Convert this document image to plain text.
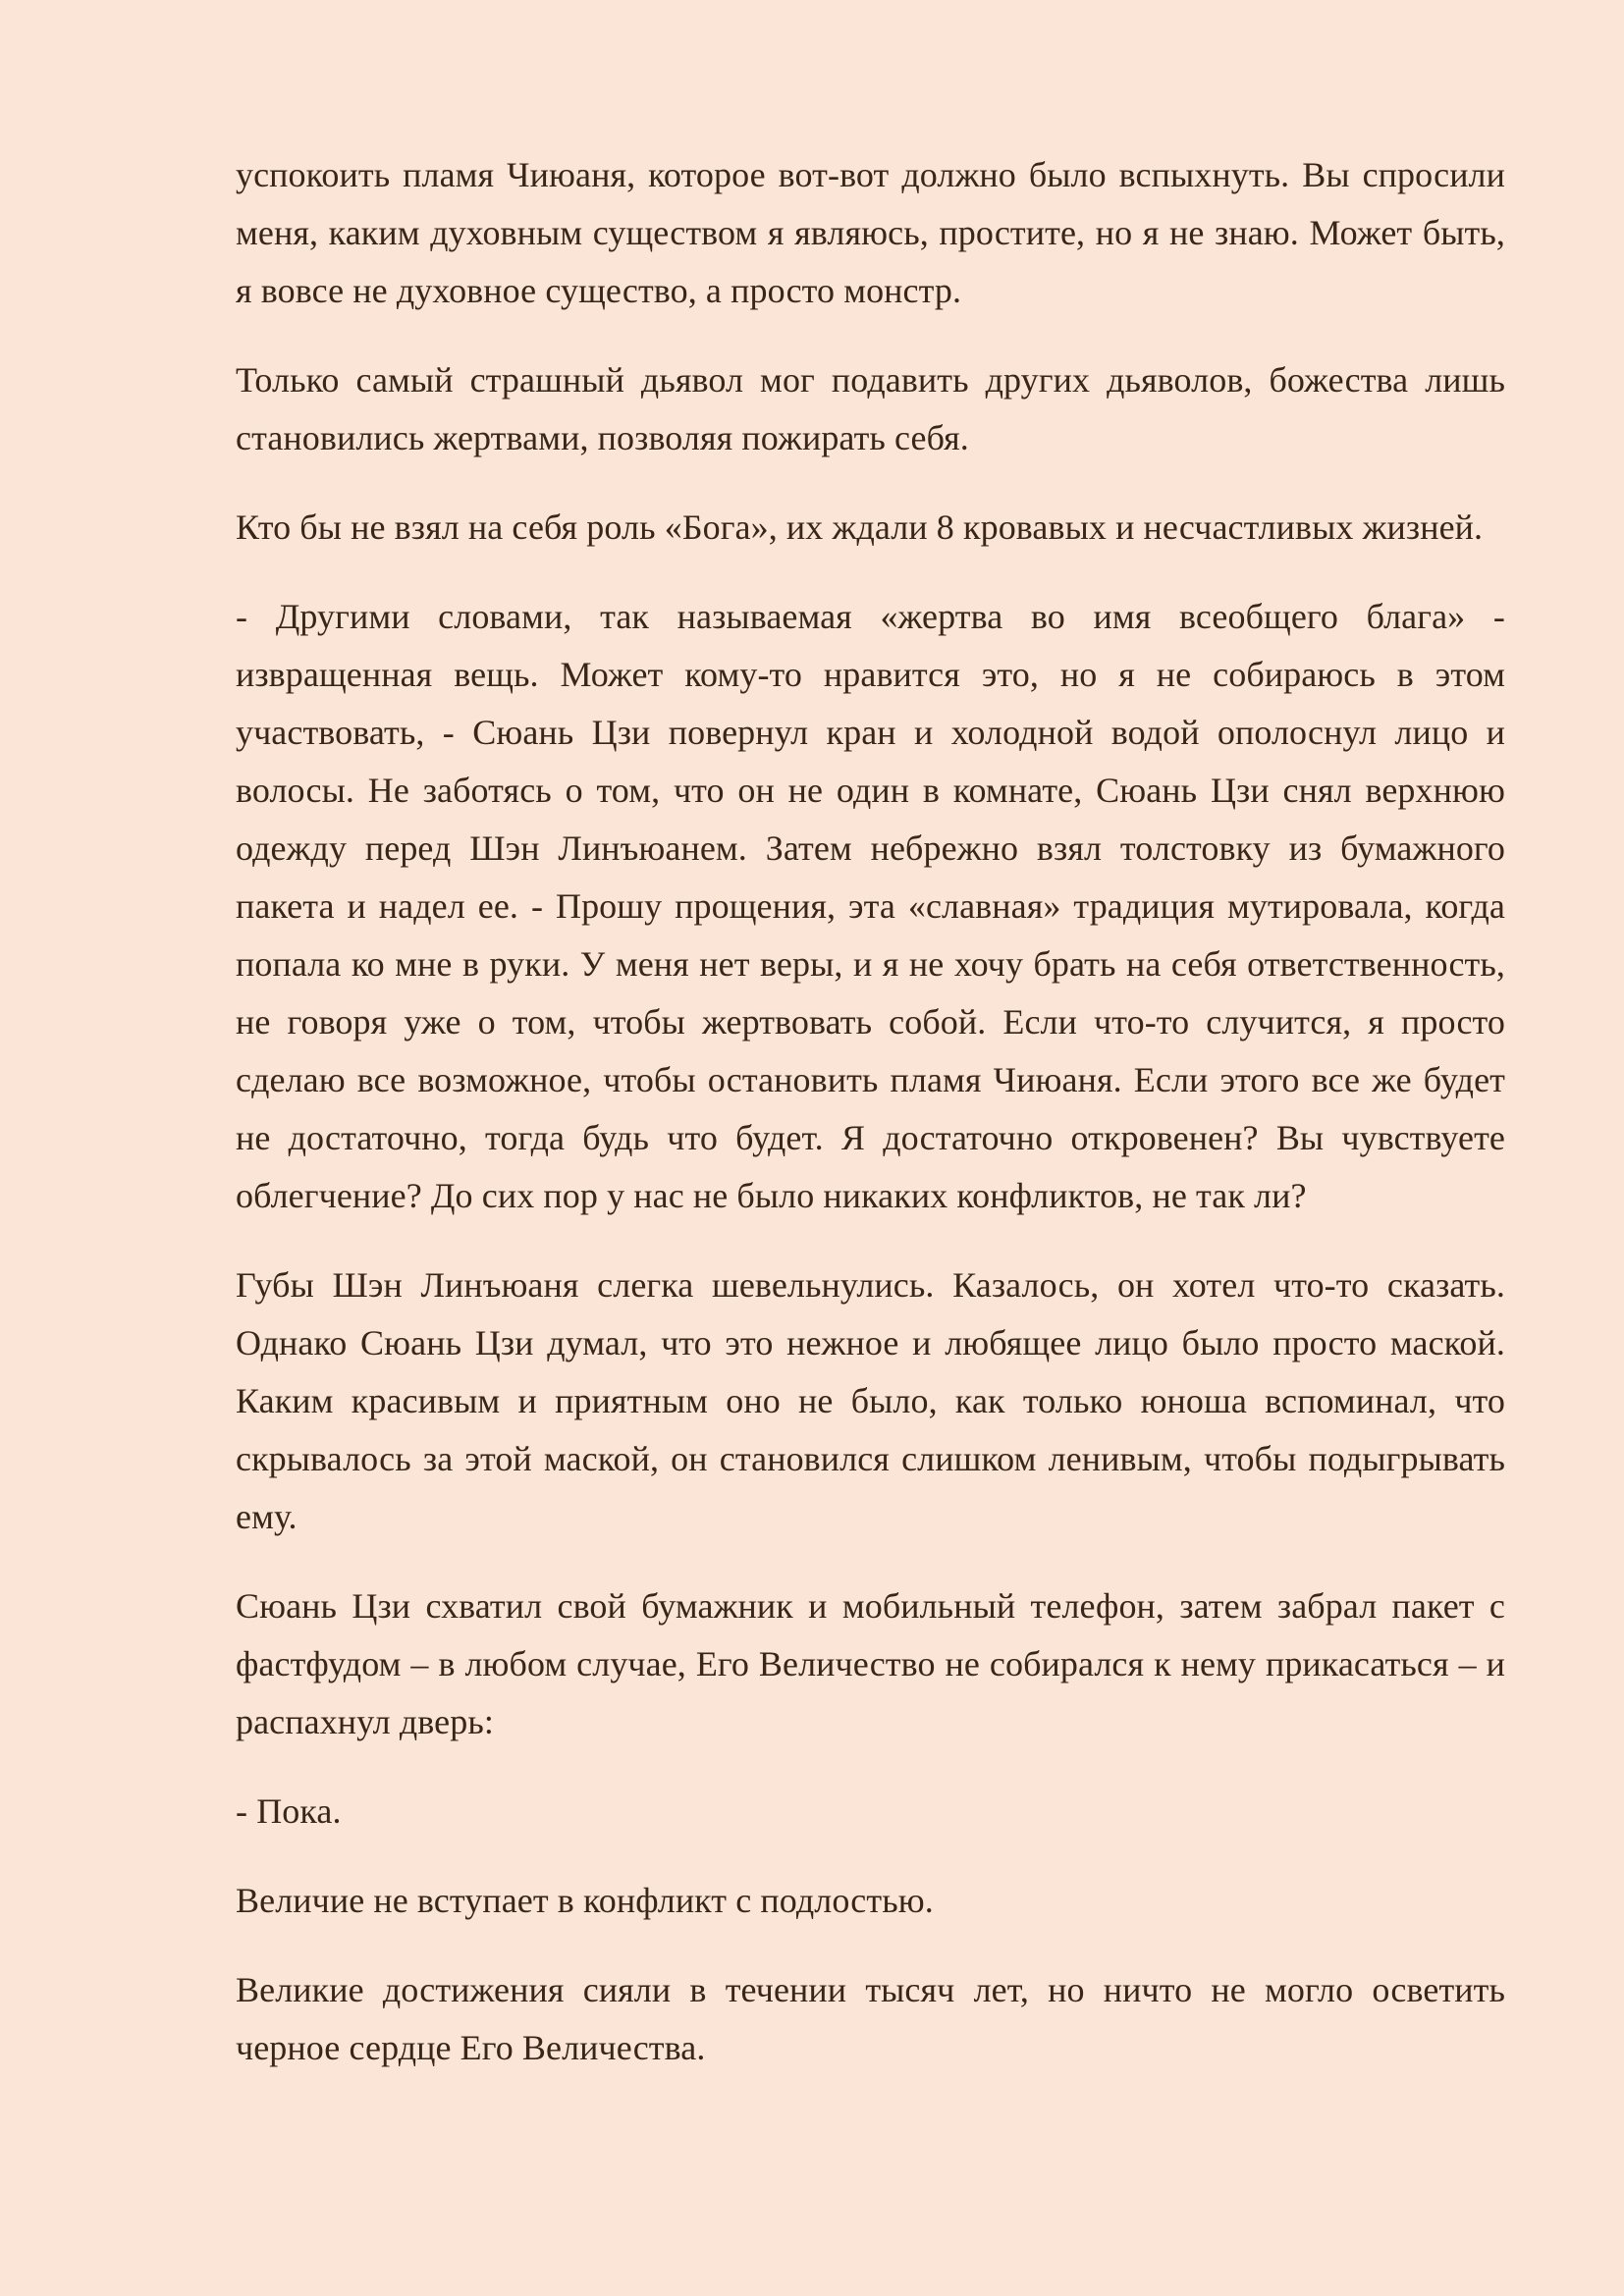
успокоить пламя Чиюаня, которое вот-вот должно было вспыхнуть. Вы спросили меня, каким духовным существом я являюсь, простите, но я не знаю. Может быть, я вовсе не духовное существо, а просто монстр.

Только самый страшный дьявол мог подавить других дьяволов, божества лишь становились жертвами, позволяя пожирать себя.

Кто бы не взял на себя роль «Бога», их ждали 8 кровавых и несчастливых жизней.

- Другими словами, так называемая «жертва во имя всеобщего блага» - извращенная вещь. Может кому-то нравится это, но я не собираюсь в этом участвовать, - Сюань Цзи повернул кран и холодной водой ополоснул лицо и волосы. Не заботясь о том, что он не один в комнате, Сюань Цзи снял верхнюю одежду перед Шэн Линъюанем. Затем небрежно взял толстовку из бумажного пакета и надел ее. - Прошу прощения, эта «славная» традиция мутировала, когда попала ко мне в руки. У меня нет веры, и я не хочу брать на себя ответственность, не говоря уже о том, чтобы жертвовать собой. Если что-то случится, я просто сделаю все возможное, чтобы остановить пламя Чиюаня. Если этого все же будет не достаточно, тогда будь что будет. Я достаточно откровенен? Вы чувствуете облегчение? До сих пор у нас не было никаких конфликтов, не так ли?

Губы Шэн Линъюаня слегка шевельнулись. Казалось, он хотел что-то сказать. Однако Сюань Цзи думал, что это нежное и любящее лицо было просто маской. Каким красивым и приятным оно не было, как только юноша вспоминал, что скрывалось за этой маской, он становился слишком ленивым, чтобы подыгрывать ему.

Сюань Цзи схватил свой бумажник и мобильный телефон, затем забрал пакет с фастфудом – в любом случае, Его Величество не собирался к нему прикасаться – и распахнул дверь:

- Пока.

Величие не вступает в конфликт с подлостью.

Великие достижения сияли в течении тысяч лет, но ничто не могло осветить черное сердце Его Величества.
